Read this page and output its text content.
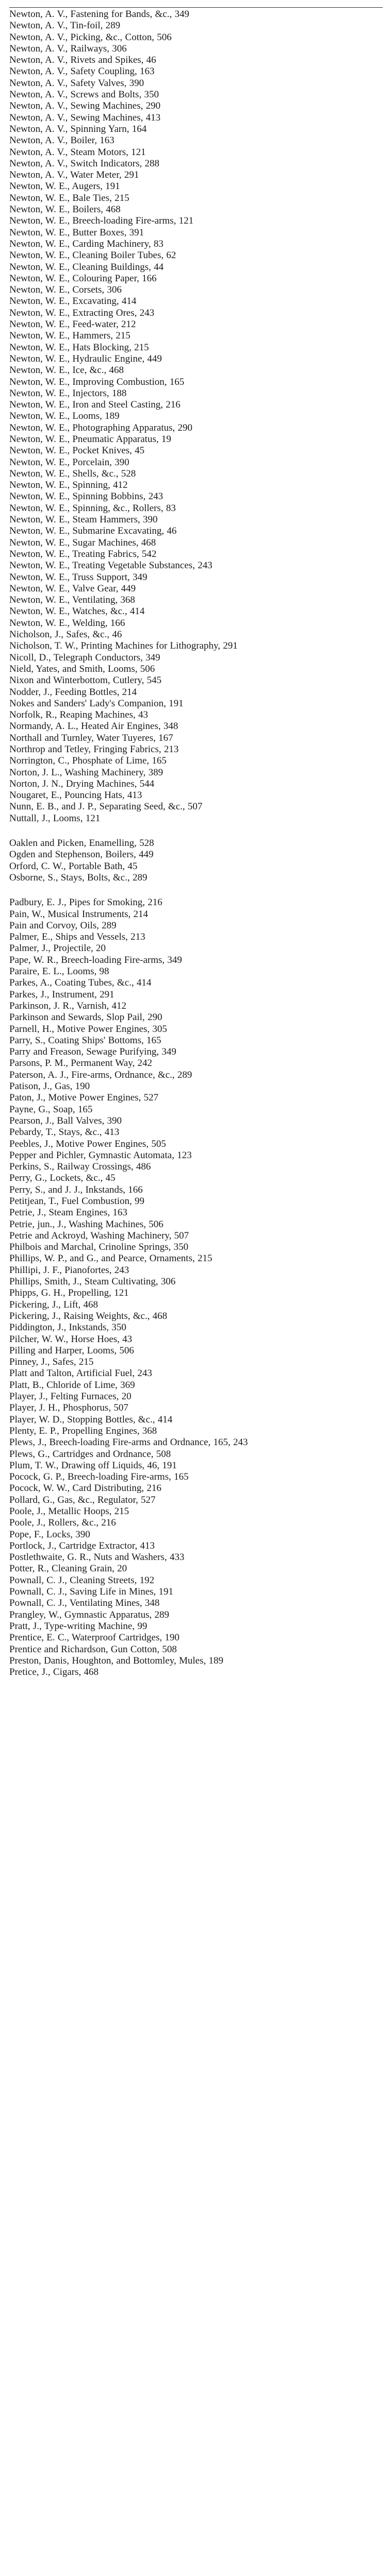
Newton, A. V., Fastening for Bands, &c., 349
Newton, A. V., Tin-foil, 289
Newton, A. V., Picking, &c., Cotton, 506
Newton, A. V., Railways, 306
Newton, A. V., Rivets and Spikes, 46
Newton, A. V., Safety Coupling, 163
Newton, A. V., Safety Valves, 390
Newton, A. V., Screws and Bolts, 350
Newton, A. V., Sewing Machines, 290
Newton, A. V., Sewing Machines, 413
Newton, A. V., Spinning Yarn, 164
Newton, A. V., Boiler, 163
Newton, A. V., Steam Motors, 121
Newton, A. V., Switch Indicators, 288
Newton, A. V., Water Meter, 291
Newton, W. E., Augers, 191
Newton, W. E., Bale Ties, 215
Newton, W. E., Boilers, 468
Newton, W. E., Breech-loading Fire-arms, 121
Newton, W. E., Butter Boxes, 391
Newton, W. E., Carding Machinery, 83
Newton, W. E., Cleaning Boiler Tubes, 62
Newton, W. E., Cleaning Buildings, 44
Newton, W. E., Colouring Paper, 166
Newton, W. E., Corsets, 306
Newton, W. E., Excavating, 414
Newton, W. E., Extracting Ores, 243
Newton, W. E., Feed-water, 212
Newton, W. E., Hammers, 215
Newton, W. E., Hats Blocking, 215
Newton, W. E., Hydraulic Engine, 449
Newton, W. E., Ice, &c., 468
Newton, W. E., Improving Combustion, 165
Newton, W. E., Injectors, 188
Newton, W. E., Iron and Steel Casting, 216
Newton, W. E., Looms, 189
Newton, W. E., Photographing Apparatus, 290
Newton, W. E., Pneumatic Apparatus, 19
Newton, W. E., Pocket Knives, 45
Newton, W. E., Porcelain, 390
Newton, W. E., Shells, &c., 528
Newton, W. E., Spinning, 412
Newton, W. E., Spinning Bobbins, 243
Newton, W. E., Spinning, &c., Rollers, 83
Newton, W. E., Steam Hammers, 390
Newton, W. E., Submarine Excavating, 46
Newton, W. E., Sugar Machines, 468
Newton, W. E., Treating Fabrics, 542
Newton, W. E., Treating Vegetable Substances, 243
Newton, W. E., Truss Support, 349
Newton, W. E., Valve Gear, 449
Newton, W. E., Ventilating, 368
Newton, W. E., Watches, &c., 414
Newton, W. E., Welding, 166
Nicholson, J., Safes, &c., 46
Nicholson, T. W., Printing Machines for Lithography, 291
Nicoll, D., Telegraph Conductors, 349
Nield, Yates, and Smith, Looms, 506
Nixon and Winterbottom, Cutlery, 545
Nodder, J., Feeding Bottles, 214
Nokes and Sanders' Lady's Companion, 191
Norfolk, R., Reaping Machines, 43
Normandy, A. L., Heated Air Engines, 348
Northall and Turnley, Water Tuyeres, 167
Northrop and Tetley, Fringing Fabrics, 213
Norrington, C., Phosphate of Lime, 165
Norton, J. L., Washing Machinery, 389
Norton, J. N., Drying Machines, 544
Nougaret, E., Pouncing Hats, 413
Nunn, E. B., and J. P., Separating Seed, &c., 507
Nuttall, J., Looms, 121
Oaklen and Picken, Enamelling, 528
Ogden and Stephenson, Boilers, 449
Orford, C. W., Portable Bath, 45
Osborne, S., Stays, Bolts, &c., 289
Padbury, E. J., Pipes for Smoking, 216
Pain, W., Musical Instruments, 214
Pain and Corvoy, Oils, 289
Palmer, E., Ships and Vessels, 213
Palmer, J., Projectile, 20
Pape, W. R., Breech-loading Fire-arms, 349
Paraire, E. L., Looms, 98
Parkes, A., Coating Tubes, &c., 414
Parkes, J., Instrument, 291
Parkinson, J. R., Varnish, 412
Parkinson and Sewards, Slop Pail, 290
Parnell, H., Motive Power Engines, 305
Parry, S., Coating Ships' Bottoms, 165
Parry and Freason, Sewage Purifying, 349
Parsons, P. M., Permanent Way, 242
Paterson, A. J., Fire-arms, Ordnance, &c., 289
Patison, J., Gas, 190
Paton, J., Motive Power Engines, 527
Payne, G., Soap, 165
Pearson, J., Ball Valves, 390
Pebardy, T., Stays, &c., 413
Peebles, J., Motive Power Engines, 505
Pepper and Pichler, Gymnastic Automata, 123
Perkins, S., Railway Crossings, 486
Perry, G., Lockets, &c., 45
Perry, S., and J. J., Inkstands, 166
Petitjean, T., Fuel Combustion, 99
Petrie, J., Steam Engines, 163
Petrie, jun., J., Washing Machines, 506
Petrie and Ackroyd, Washing Machinery, 507
Philbois and Marchal, Crinoline Springs, 350
Phillips, W. P., and G., and Pearce, Ornaments, 215
Phillipi, J. F., Pianofortes, 243
Phillips, Smith, J., Steam Cultivating, 306
Phipps, G. H., Propelling, 121
Pickering, J., Lift, 468
Pickering, J., Raising Weights, &c., 468
Piddington, J., Inkstands, 350
Pilcher, W. W., Horse Hoes, 43
Pilling and Harper, Looms, 506
Pinney, J., Safes, 215
Platt and Talton, Artificial Fuel, 243
Platt, B., Chloride of Lime, 369
Player, J., Felting Furnaces, 20
Player, J. H., Phosphorus, 507
Player, W. D., Stopping Bottles, &c., 414
Plenty, E. P., Propelling Engines, 368
Plews, J., Breech-loading Fire-arms and Ordnance, 165, 243
Plews, G., Cartridges and Ordnance, 508
Plum, T. W., Drawing off Liquids, 46, 191
Pocock, G. P., Breech-loading Fire-arms, 165
Pocock, W. W., Card Distributing, 216
Pollard, G., Gas, &c., Regulator, 527
Poole, J., Metallic Hoops, 215
Poole, J., Rollers, &c., 216
Pope, F., Locks, 390
Portlock, J., Cartridge Extractor, 413
Postlethwaite, G. R., Nuts and Washers, 433
Potter, R., Cleaning Grain, 20
Pownall, C. J., Cleaning Streets, 192
Pownall, C. J., Saving Life in Mines, 191
Pownall, C. J., Ventilating Mines, 348
Prangley, W., Gymnastic Apparatus, 289
Pratt, J., Type-writing Machine, 99
Prentice, E. C., Waterproof Cartridges, 190
Prentice and Richardson, Gun Cotton, 508
Preston, Danis, Houghton, and Bottomley, Mules, 189
Pretice, J., Cigars, 468
